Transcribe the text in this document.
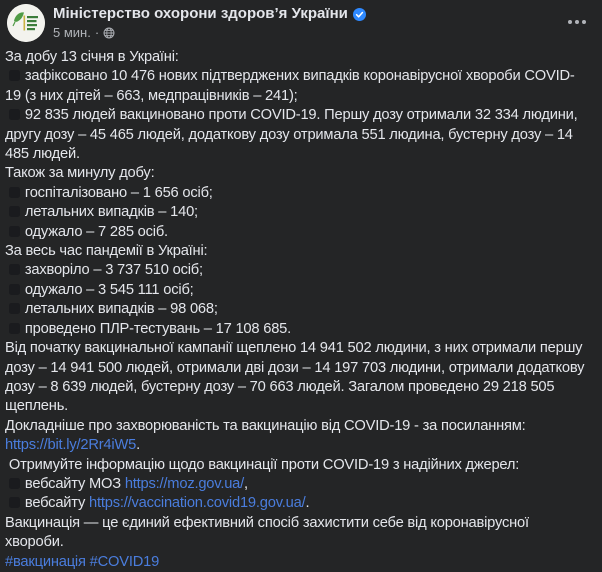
Міністерство охорони здоров’я України
5 мин. ·
За добу 13 січня в Україні:
зафіксовано 10 476 нових підтверджених випадків коронавірусної хвороби COVID-19 (з них дітей – 663, медпрацівників – 241);
92 835 людей вакциновано проти COVID-19. Першу дозу отримали 32 334 людини, другу дозу – 45 465 людей, додаткову дозу отримала 551 людина, бустерну дозу – 14 485 людей.
Також за минулу добу:
госпіталізовано – 1 656 осіб;
летальних випадків – 140;
одужало – 7 285 осіб.
За весь час пандемії в Україні:
захворіло – 3 737 510 осіб;
одужало – 3 545 111 осіб;
летальних випадків – 98 068;
проведено ПЛР-тестувань – 17 108 685.
Від початку вакцинальної кампанії щеплено 14 941 502 людини, з них отримали першу дозу – 14 941 500 людей, отримали дві дози – 14 197 703 людини, отримали додаткову дозу – 8 639 людей, бустерну дозу – 70 663 людей. Загалом проведено 29 218 505 щеплень.
Докладніше про захворюваність та вакцинацію від COVID-19 - за посиланням:
https://bit.ly/2Rr4iW5.
Отримуйте інформацію щодо вакцинації проти COVID-19 з надійних джерел:
вебсайту МОЗ https://moz.gov.ua/,
вебсайту https://vaccination.covid19.gov.ua/.
Вакцинація — це єдиний ефективний спосіб захистити себе від коронавірусної хвороби.
#вакцинація #COVID19
